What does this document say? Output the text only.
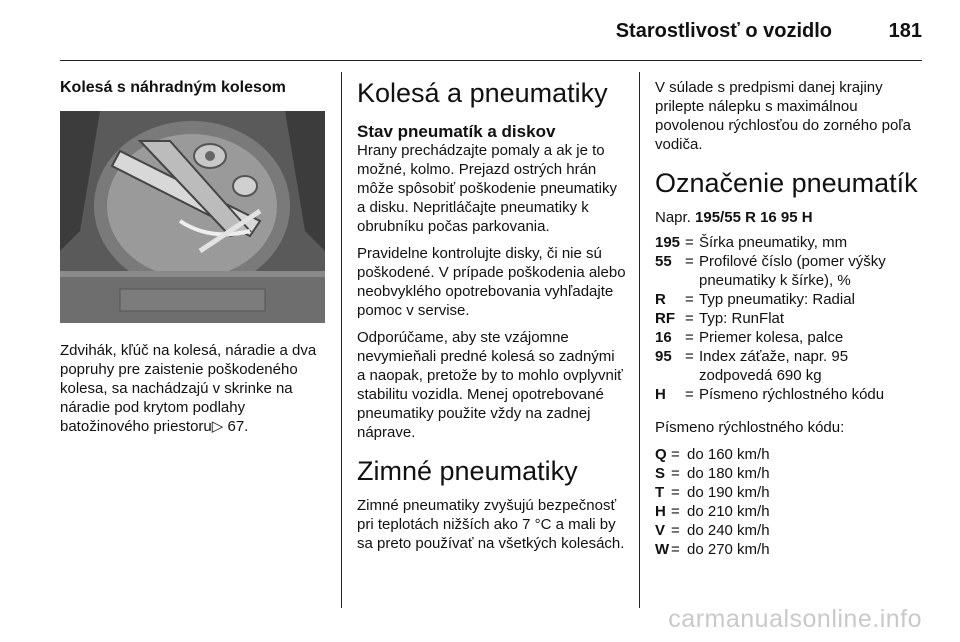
Starostlivosť o vozidlo	181
Kolesá s náhradným kolesom

Zdvihák, kľúč na kolesá, náradie a dva popruhy pre zaistenie poškodeného kolesa, sa nachádzajú v skrinke na náradie pod krytom podlahy batožinového priestoru▷ 67.

Kolesá a pneumatiky
Stav pneumatík a diskov

Hrany prechádzajte pomaly a ak je to možné, kolmo. Prejazd ostrých hrán môže spôsobiť poškodenie pneumatiky a disku. Nepritláčajte pneumatiky k obrubníku počas parkovania.

Pravidelne kontrolujte disky, či nie sú poškodené. V prípade poškodenia alebo neobvyklého opotrebovania vyhľadajte pomoc v servise.

Odporúčame, aby ste vzájomne nevymieňali predné kolesá so zadnými a naopak, pretože by to mohlo ovplyvniť stabilitu vozidla. Menej opotrebované pneumatiky použite vždy na zadnej náprave.

Zimné pneumatiky

Zimné pneumatiky zvyšujú bezpečnosť pri teplotách nižších ako 7 °C a mali by sa preto používať na všetkých kolesách.

V súlade s predpismi danej krajiny prilepte nálepku s maximálnou povolenou rýchlosťou do zorného poľa vodiča.

Označenie pneumatík
Napr. 195/55 R 16 95 H
195 = Šírka pneumatiky, mm
55 = Profilové číslo (pomer výšky pneumatiky k šírke), %
R	= Typ pneumatiky: Radial
RF = Typ: RunFlat
16 = Priemer kolesa, palce
95 = Index záťaže, napr. 95 zodpovedá 690 kg
H	= Písmeno rýchlostného kódu

Písmeno rýchlostného kódu:

Q = do 160 km/h
S = do 180 km/h
T = do 190 km/h
H = do 210 km/h
V = do 240 km/h
W = do 270 km/h
carmanualsonline.info
